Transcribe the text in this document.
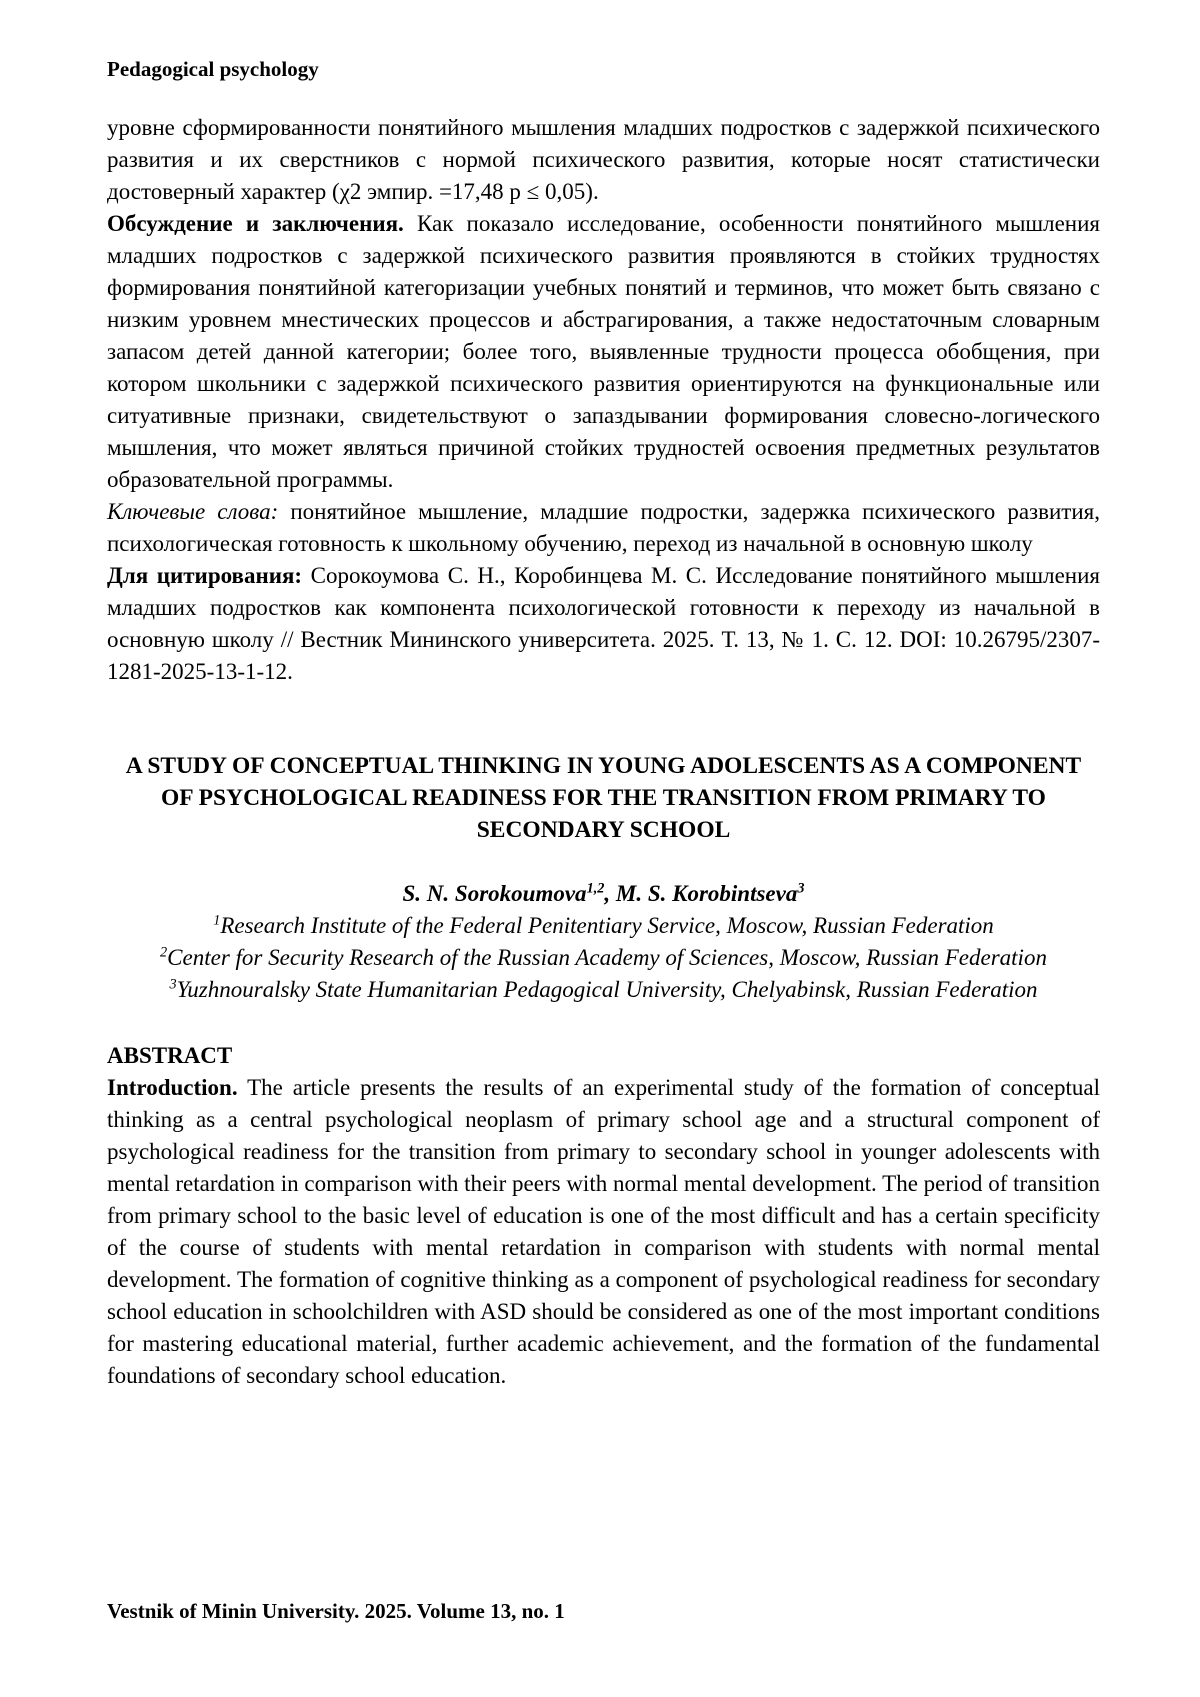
Pedagogical psychology

уровне сформированности понятийного мышления младших подростков с задержкой психического развития и их сверстников с нормой психического развития, которые носят статистически достоверный характер (χ2 эмпир. =17,48 p ≤ 0,05).

Обсуждение и заключения. Как показало исследование, особенности понятийного мышления младших подростков с задержкой психического развития проявляются в стойких трудностях формирования понятийной категоризации учебных понятий и терминов, что может быть связано с низким уровнем мнестических процессов и абстрагирования, а также недостаточным словарным запасом детей данной категории; более того, выявленные трудности процесса обобщения, при котором школьники с задержкой психического развития ориентируются на функциональные или ситуативные признаки, свидетельствуют о запаздывании формирования словесно-логического мышления, что может являться причиной стойких трудностей освоения предметных результатов образовательной программы.

Ключевые слова: понятийное мышление, младшие подростки, задержка психического развития, психологическая готовность к школьному обучению, переход из начальной в основную школу

Для цитирования: Сорокоумова С. Н., Коробинцева М. С. Исследование понятийного мышления младших подростков как компонента психологической готовности к переходу из начальной в основную школу // Вестник Мининского университета. 2025. Т. 13, № 1. С. 12. DOI: 10.26795/2307-1281-2025-13-1-12.

A STUDY OF CONCEPTUAL THINKING IN YOUNG ADOLESCENTS AS A COMPONENT OF PSYCHOLOGICAL READINESS FOR THE TRANSITION FROM PRIMARY TO SECONDARY SCHOOL
S. N. Sorokoumova$^{1,2}$, M. S. Korobintseva$^3$

$^1$Research Institute of the Federal Penitentiary Service, Moscow, Russian Federation

$^2$Center for Security Research of the Russian Academy of Sciences, Moscow, Russian Federation

$^3$Yuzhnouralsky State Humanitarian Pedagogical University, Chelyabinsk, Russian Federation

ABSTRACT

Introduction. The article presents the results of an experimental study of the formation of conceptual thinking as a central psychological neoplasm of primary school age and a structural component of psychological readiness for the transition from primary to secondary school in younger adolescents with mental retardation in comparison with their peers with normal mental development. The period of transition from primary school to the basic level of education is one of the most difficult and has a certain specificity of the course of students with mental retardation in comparison with students with normal mental development. The formation of cognitive thinking as a component of psychological readiness for secondary school education in schoolchildren with ASD should be considered as one of the most important conditions for mastering educational material, further academic achievement, and the formation of the fundamental foundations of secondary school education.

Vestnik of Minin University. 2025. Volume 13, no. 1
